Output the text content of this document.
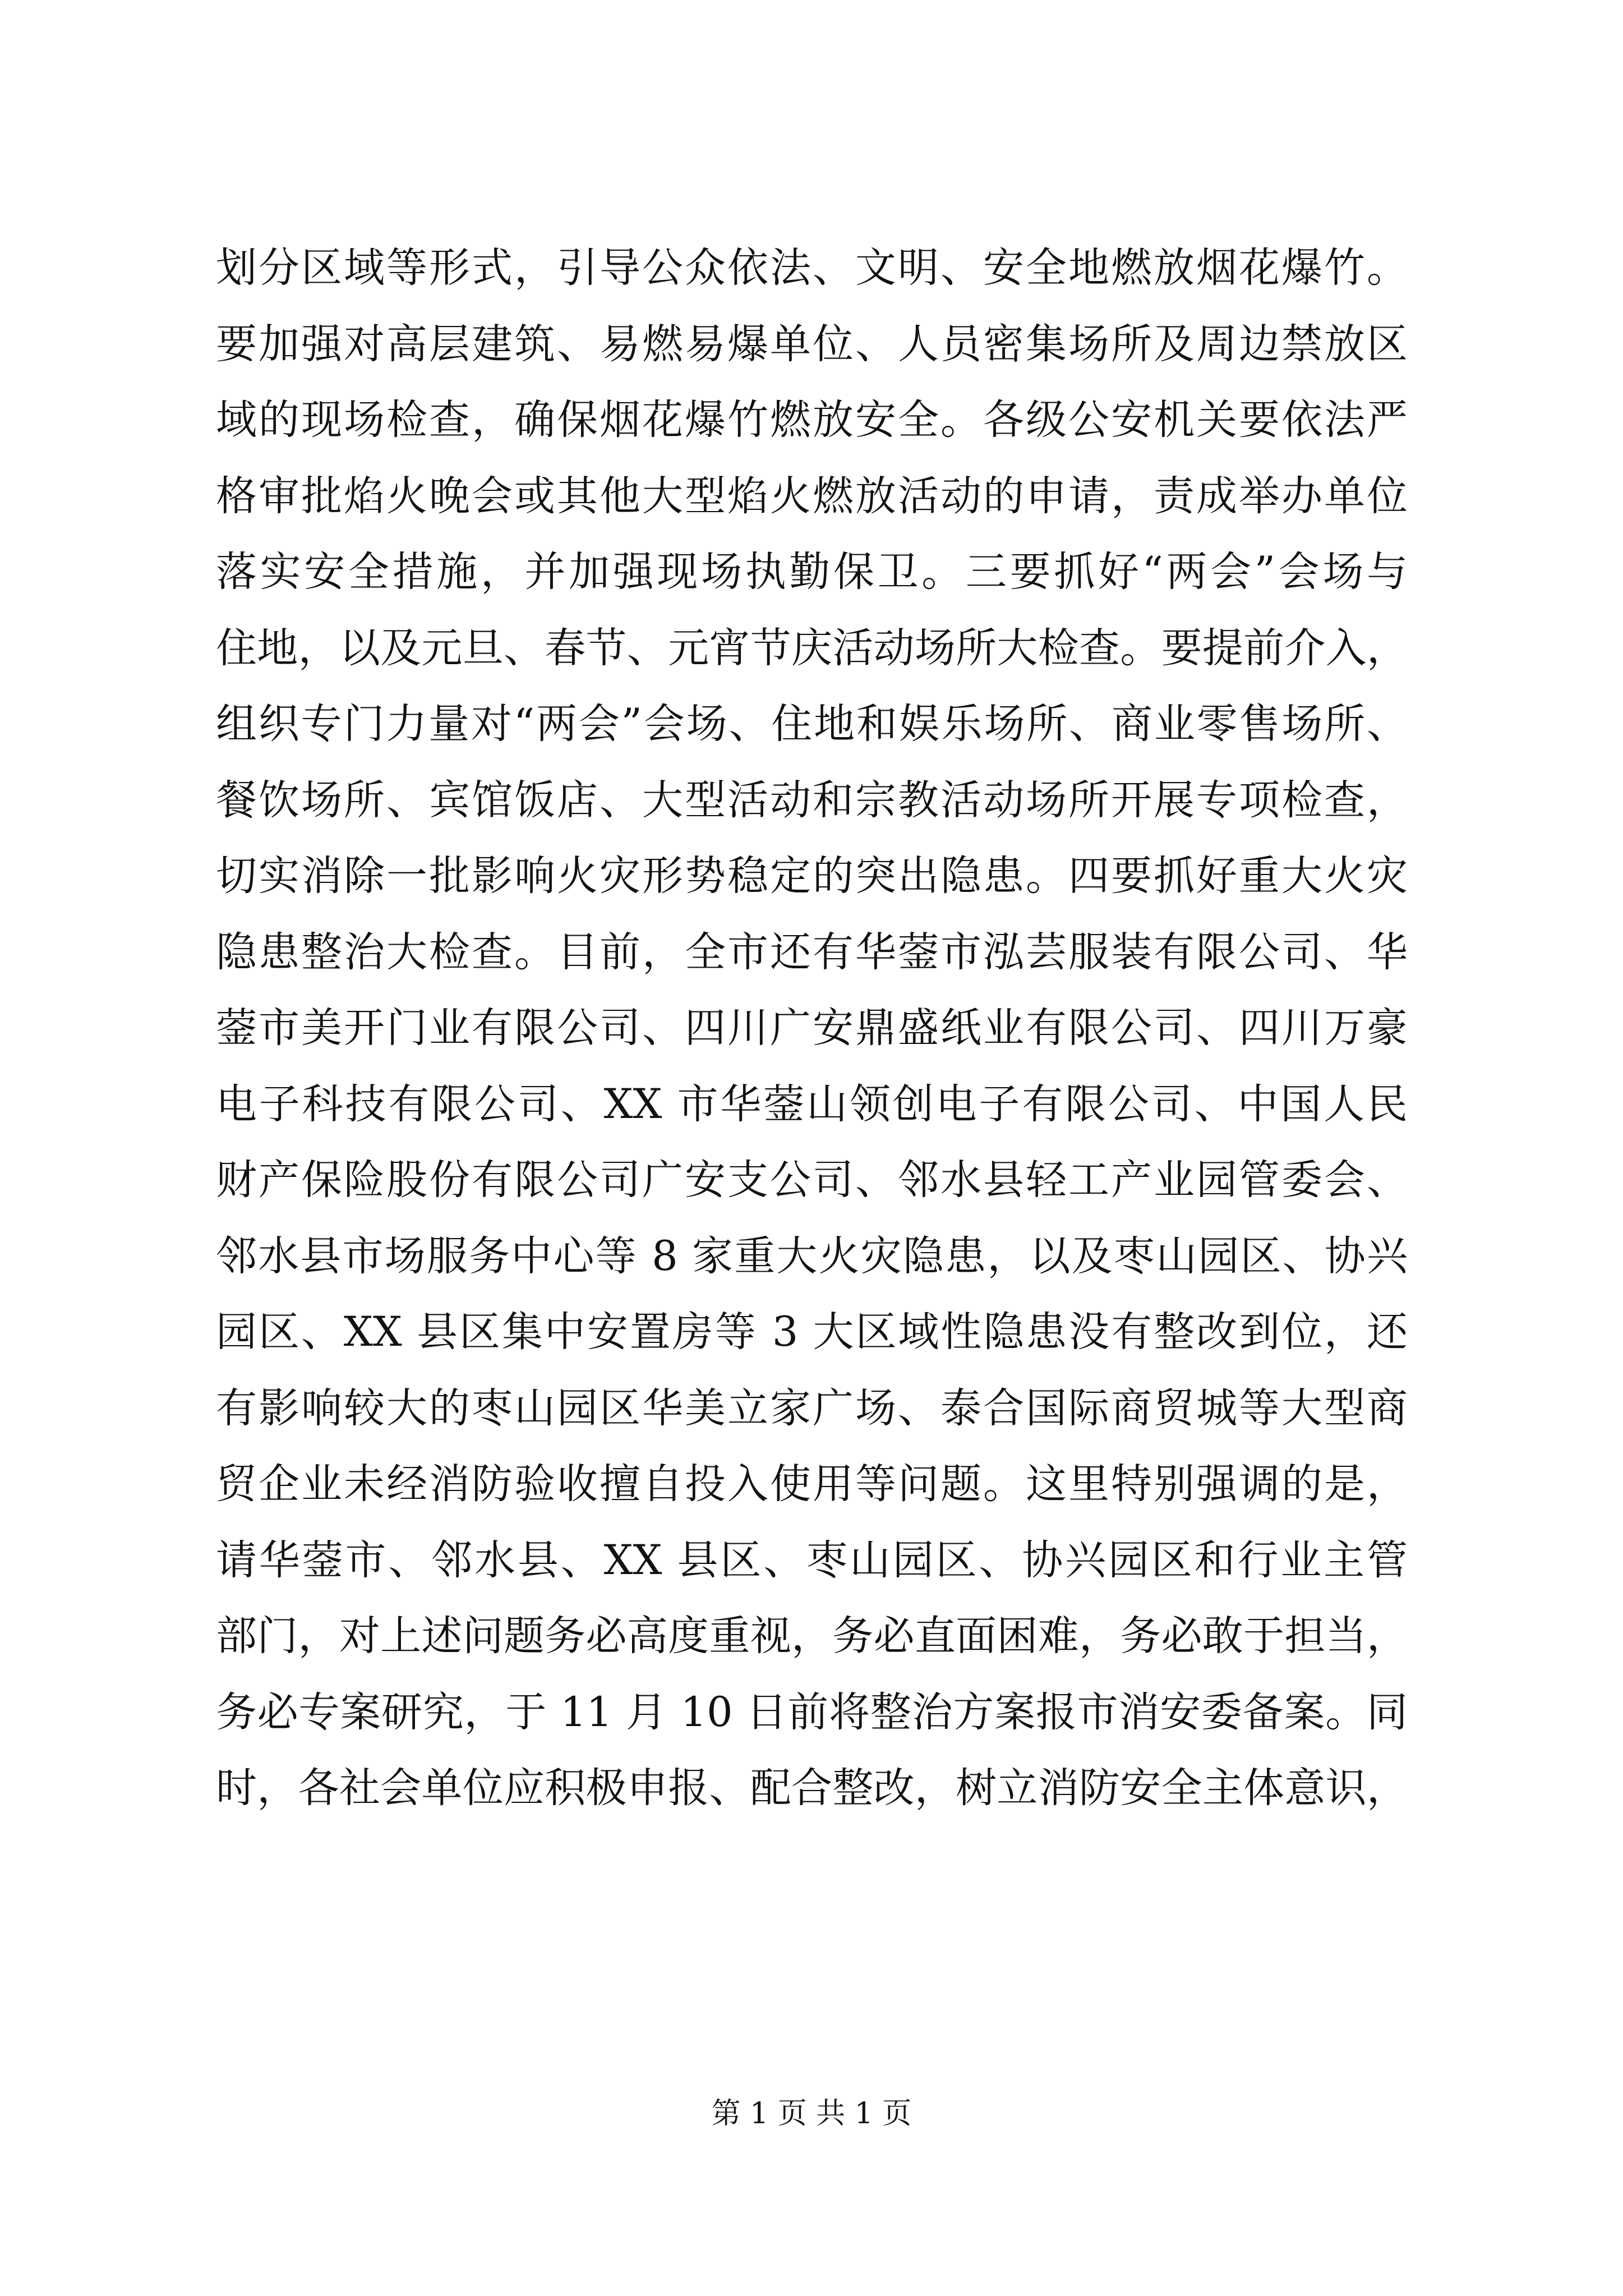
划分区域等形式，引导公众依法、文明、安全地燃放烟花爆竹。
要加强对高层建筑、易燃易爆单位、人员密集场所及周边禁放区
域的现场检查，确保烟花爆竹燃放安全。各级公安机关要依法严
格审批焰火晚会或其他大型焰火燃放活动的申请，责成举办单位
落实安全措施，并加强现场执勤保卫。三要抓好“两会”会场与
住地，以及元旦、春节、元宵节庆活动场所大检查。要提前介入，
组织专门力量对“两会”会场、住地和娱乐场所、商业零售场所、
餐饮场所、宾馆饭店、大型活动和宗教活动场所开展专项检查，
切实消除一批影响火灾形势稳定的突出隐患。四要抓好重大火灾
隐患整治大检查。目前，全市还有华蓥市泓芸服装有限公司、华
蓥市美开门业有限公司、四川广安鼎盛纸业有限公司、四川万豪
电子科技有限公司、XX 市华蓥山领创电子有限公司、中国人民
财产保险股份有限公司广安支公司、邻水县轻工产业园管委会、
邻水县市场服务中心等 8 家重大火灾隐患，以及枣山园区、协兴
园区、XX 县区集中安置房等 3 大区域性隐患没有整改到位，还
有影响较大的枣山园区华美立家广场、泰合国际商贸城等大型商
贸企业未经消防验收擅自投入使用等问题。这里特别强调的是，
请华蓥市、邻水县、XX 县区、枣山园区、协兴园区和行业主管
部门，对上述问题务必高度重视，务必直面困难，务必敢于担当，
务必专案研究，于 11 月 10 日前将整治方案报市消安委备案。同
时，各社会单位应积极申报、配合整改，树立消防安全主体意识，
第 1 页 共 1 页
